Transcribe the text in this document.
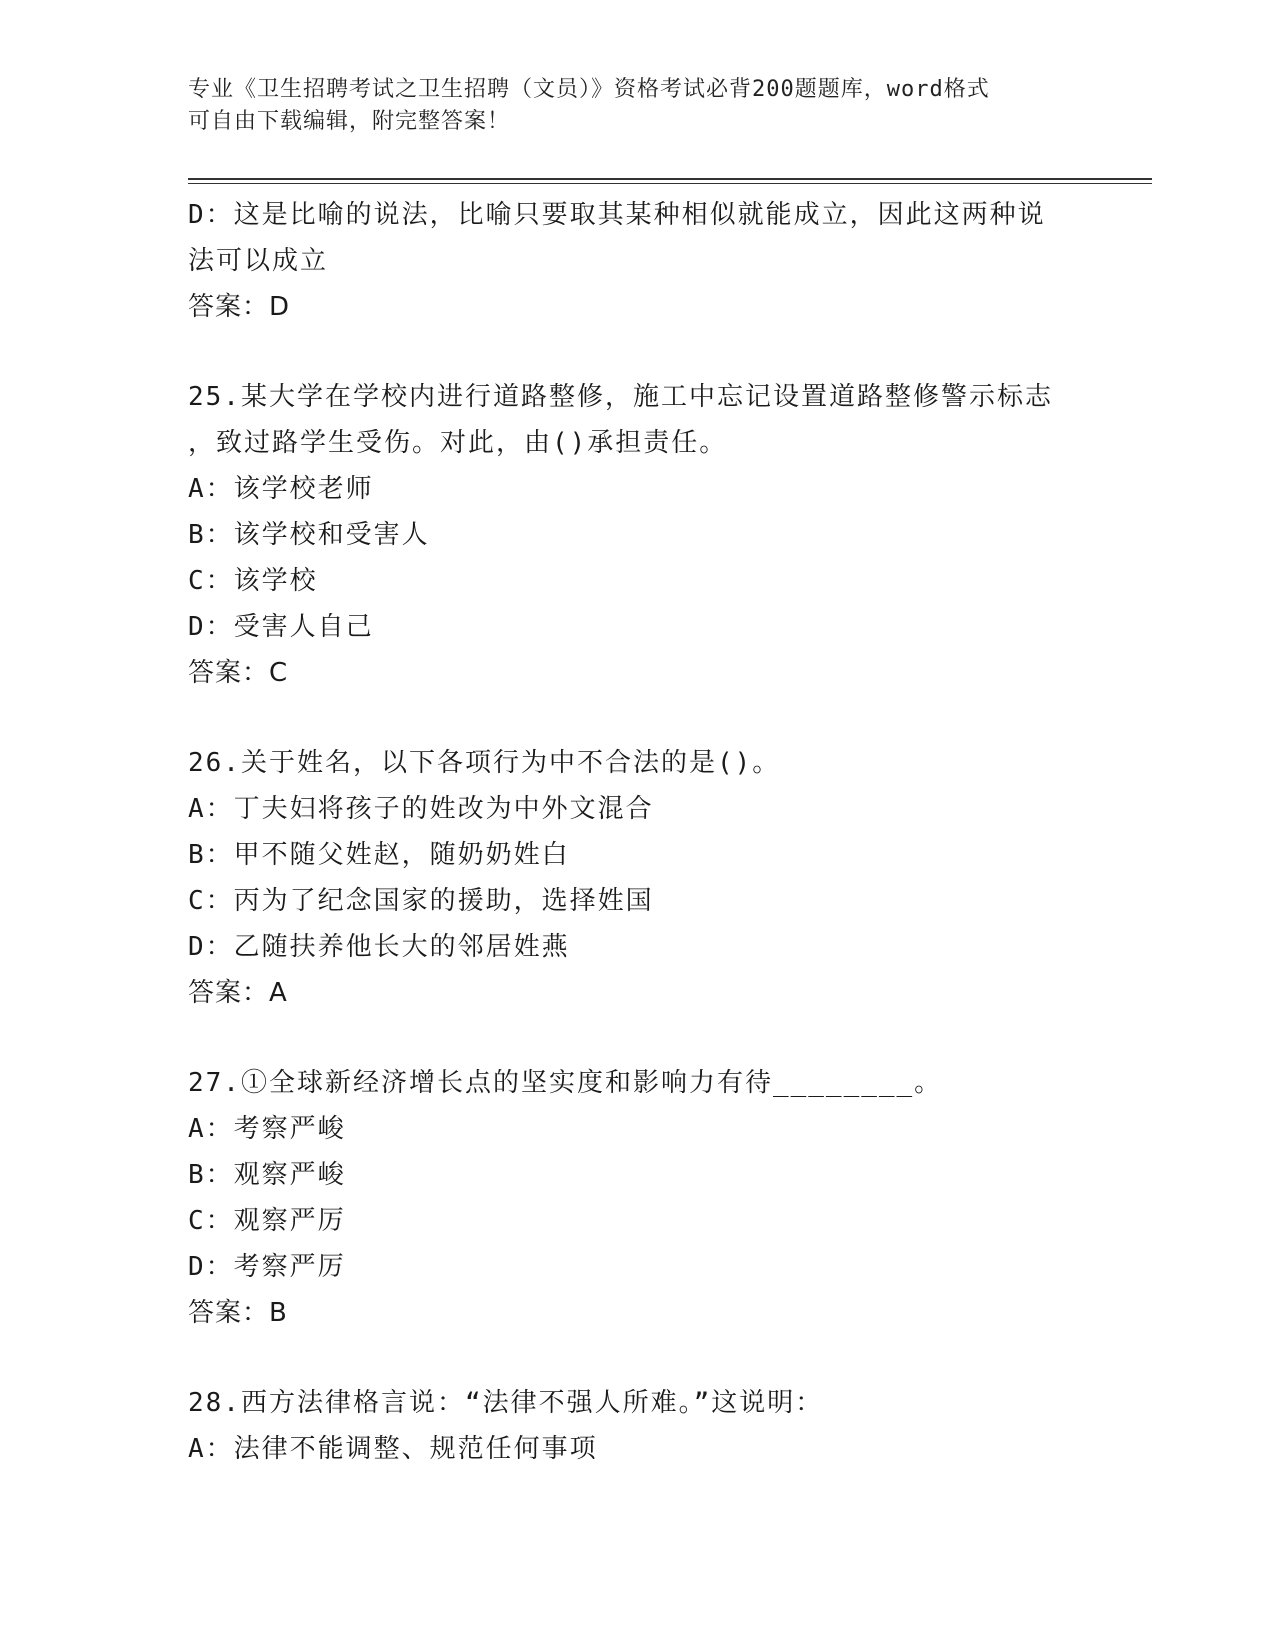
专业《卫生招聘考试之卫生招聘（文员）》资格考试必背200题题库，word格式
可自由下载编辑，附完整答案！
D：这是比喻的说法，比喻只要取其某种相似就能成立，因此这两种说
法可以成立
答案：D
25.某大学在学校内进行道路整修，施工中忘记设置道路整修警示标志
，致过路学生受伤。对此，由()承担责任。
A：该学校老师
B：该学校和受害人
C：该学校
D：受害人自己
答案：C
26.关于姓名，以下各项行为中不合法的是()。
A：丁夫妇将孩子的姓改为中外文混合
B：甲不随父姓赵，随奶奶姓白
C：丙为了纪念国家的援助，选择姓国
D：乙随扶养他长大的邻居姓燕
答案：A
27.①全球新经济增长点的坚实度和影响力有待________。
A：考察严峻
B：观察严峻
C：观察严厉
D：考察严厉
答案：B
28.西方法律格言说：“法律不强人所难。”这说明：
A：法律不能调整、规范任何事项
